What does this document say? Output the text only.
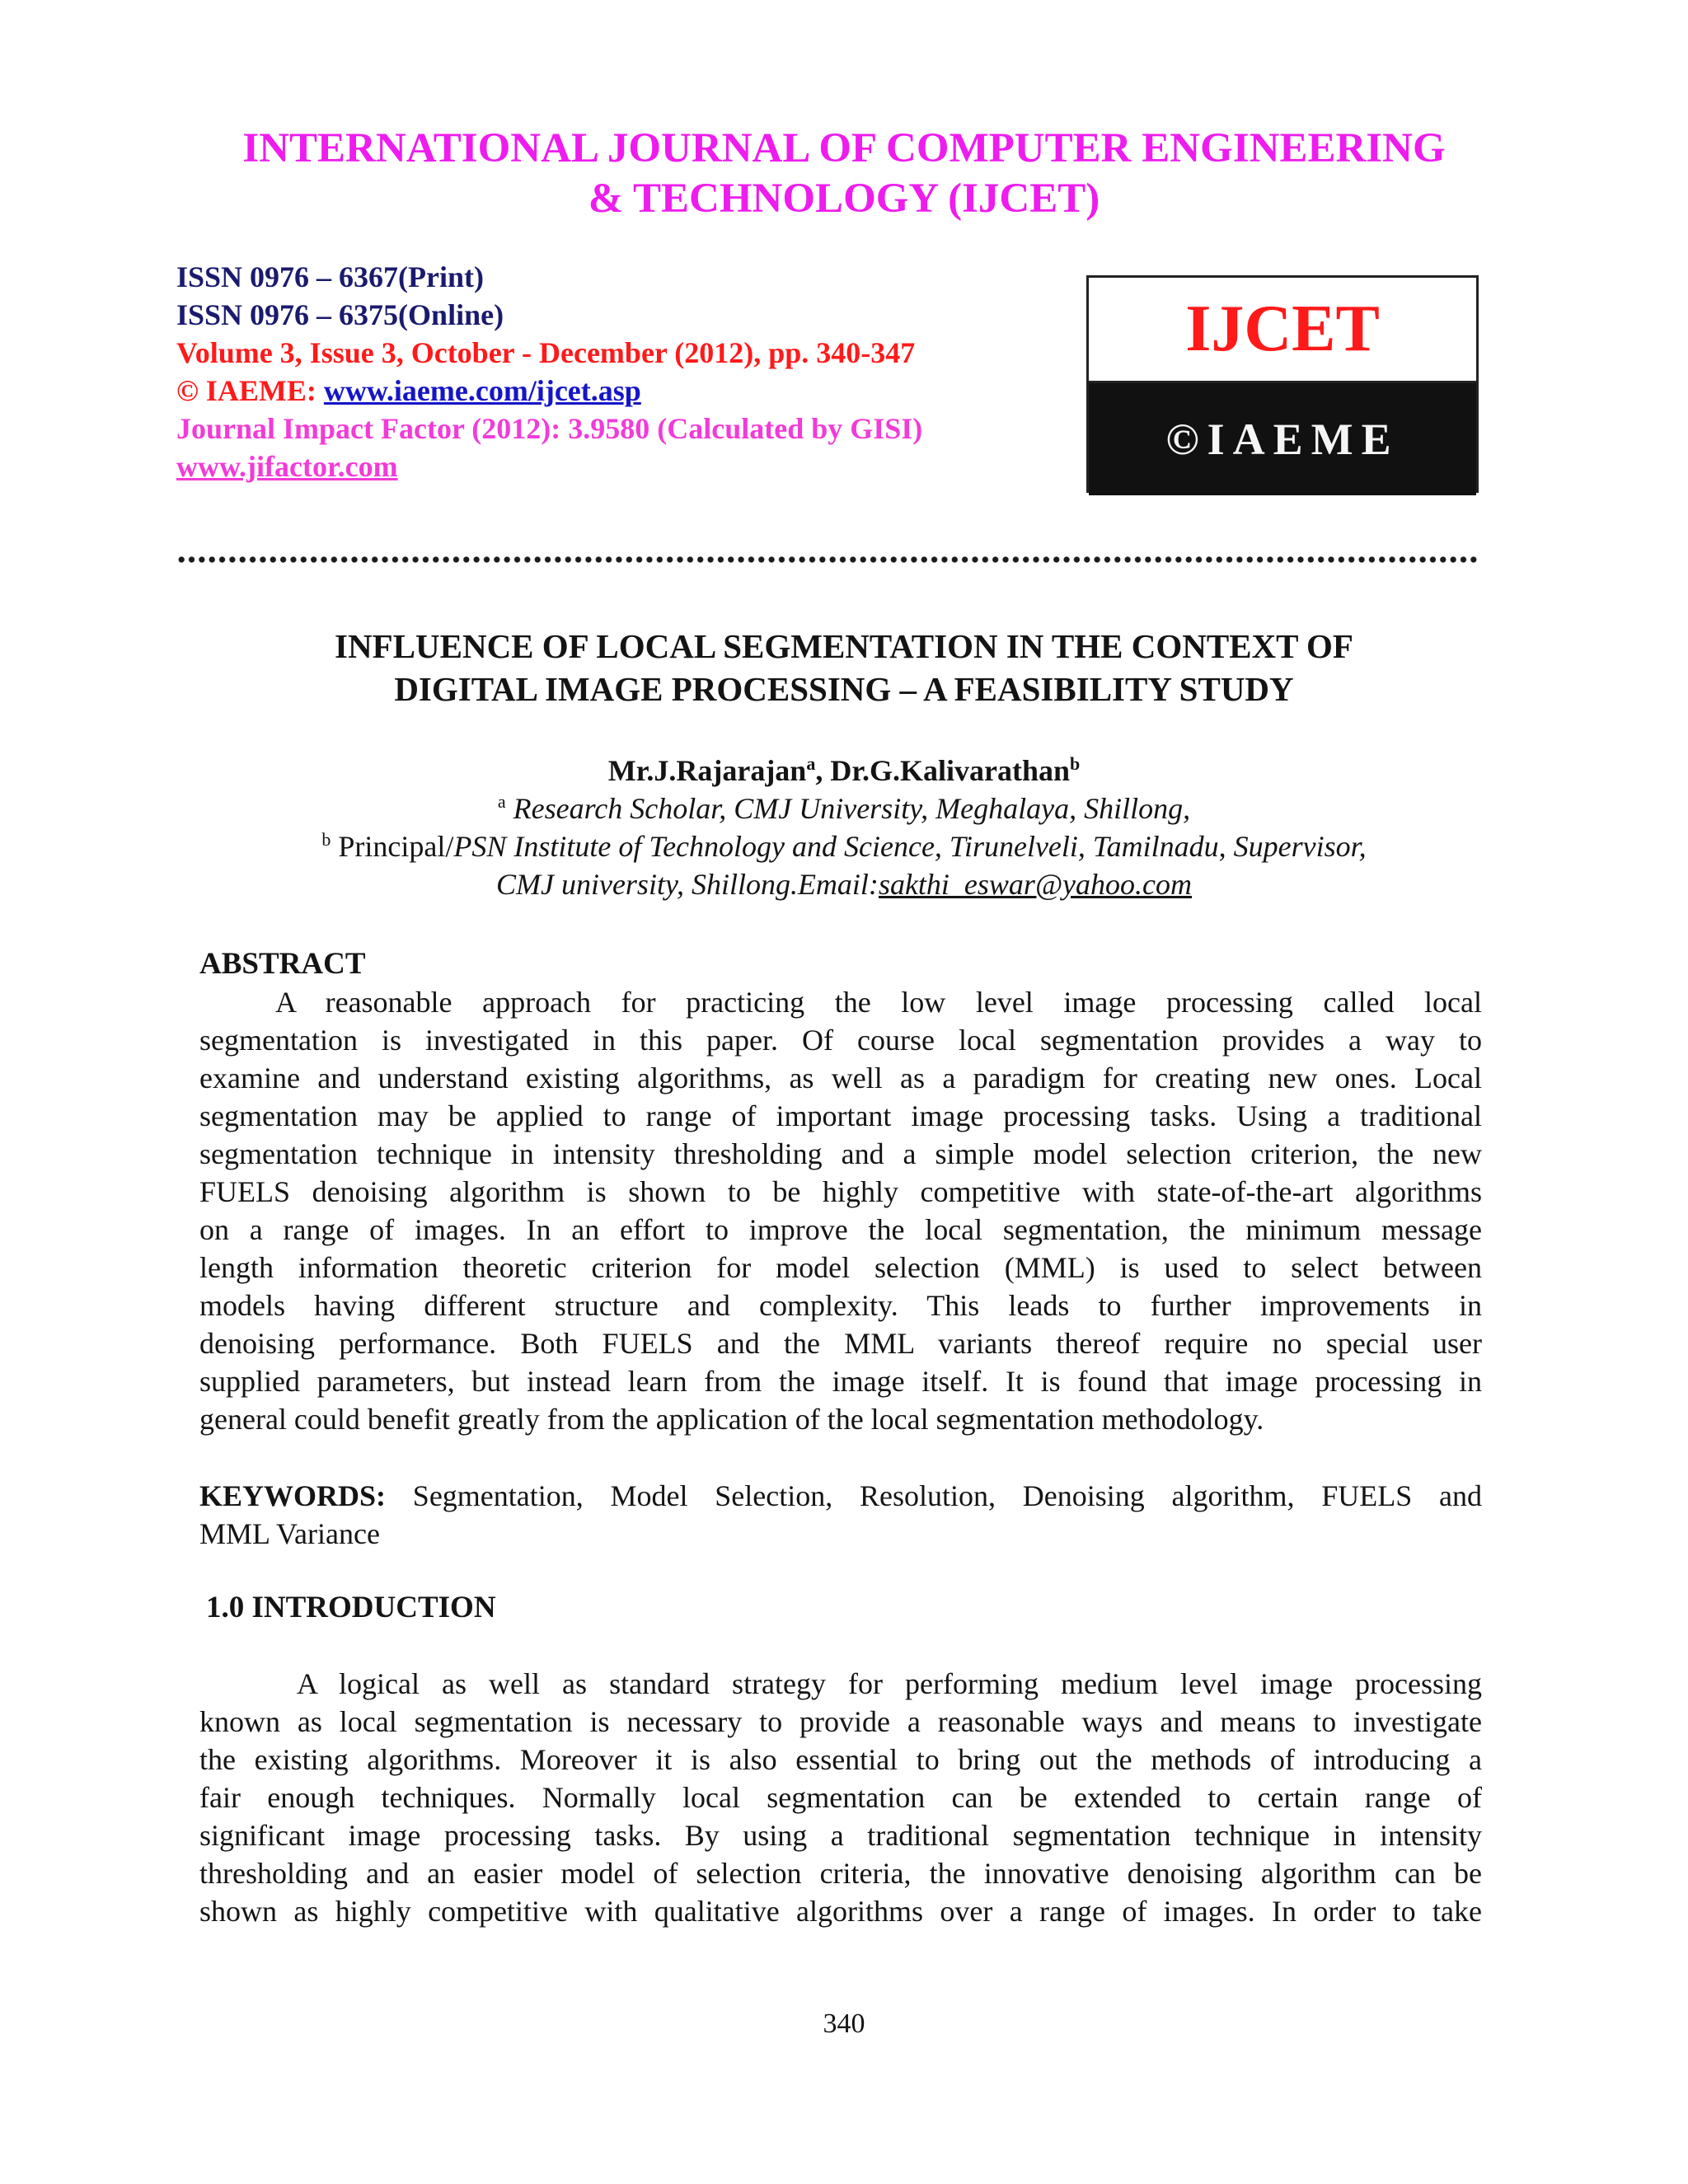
INTERNATIONAL JOURNAL OF COMPUTER ENGINEERING
& TECHNOLOGY (IJCET)
ISSN 0976 – 6367(Print)
ISSN 0976 – 6375(Online)
Volume 3, Issue 3, October - December (2012), pp. 340-347
© IAEME: www.iaeme.com/ijcet.asp
Journal Impact Factor (2012): 3.9580 (Calculated by GISI)
www.jifactor.com
IJCET
©IAEME
INFLUENCE OF LOCAL SEGMENTATION IN THE CONTEXT OF
DIGITAL IMAGE PROCESSING – A FEASIBILITY STUDY
Mr.J.Rajarajan$^a$, Dr.G.Kalivarathan$^b$
$^a$ Research Scholar, CMJ University, Meghalaya, Shillong,
$^b$ Principal/PSN Institute of Technology and Science, Tirunelveli, Tamilnadu, Supervisor,
CMJ university, Shillong.Email:sakthi_eswar@yahoo.com
ABSTRACT
A reasonable approach for practicing the low level image processing called local
segmentation is investigated in this paper. Of course local segmentation provides a way to
examine and understand existing algorithms, as well as a paradigm for creating new ones. Local
segmentation may be applied to range of important image processing tasks. Using a traditional
segmentation technique in intensity thresholding and a simple model selection criterion, the new
FUELS denoising algorithm is shown to be highly competitive with state-of-the-art algorithms
on a range of images. In an effort to improve the local segmentation, the minimum message
length information theoretic criterion for model selection (MML) is used to select between
models having different structure and complexity. This leads to further improvements in
denoising performance. Both FUELS and the MML variants thereof require no special user
supplied parameters, but instead learn from the image itself. It is found that image processing in
general could benefit greatly from the application of the local segmentation methodology.
KEYWORDS: Segmentation, Model Selection, Resolution, Denoising algorithm, FUELS and
MML Variance
1.0 INTRODUCTION
A logical as well as standard strategy for performing medium level image processing
known as local segmentation is necessary to provide a reasonable ways and means to investigate
the existing algorithms. Moreover it is also essential to bring out the methods of introducing a
fair enough techniques. Normally local segmentation can be extended to certain range of
significant image processing tasks. By using a traditional segmentation technique in intensity
thresholding and an easier model of selection criteria, the innovative denoising algorithm can be
shown as highly competitive with qualitative algorithms over a range of images. In order to take
340
